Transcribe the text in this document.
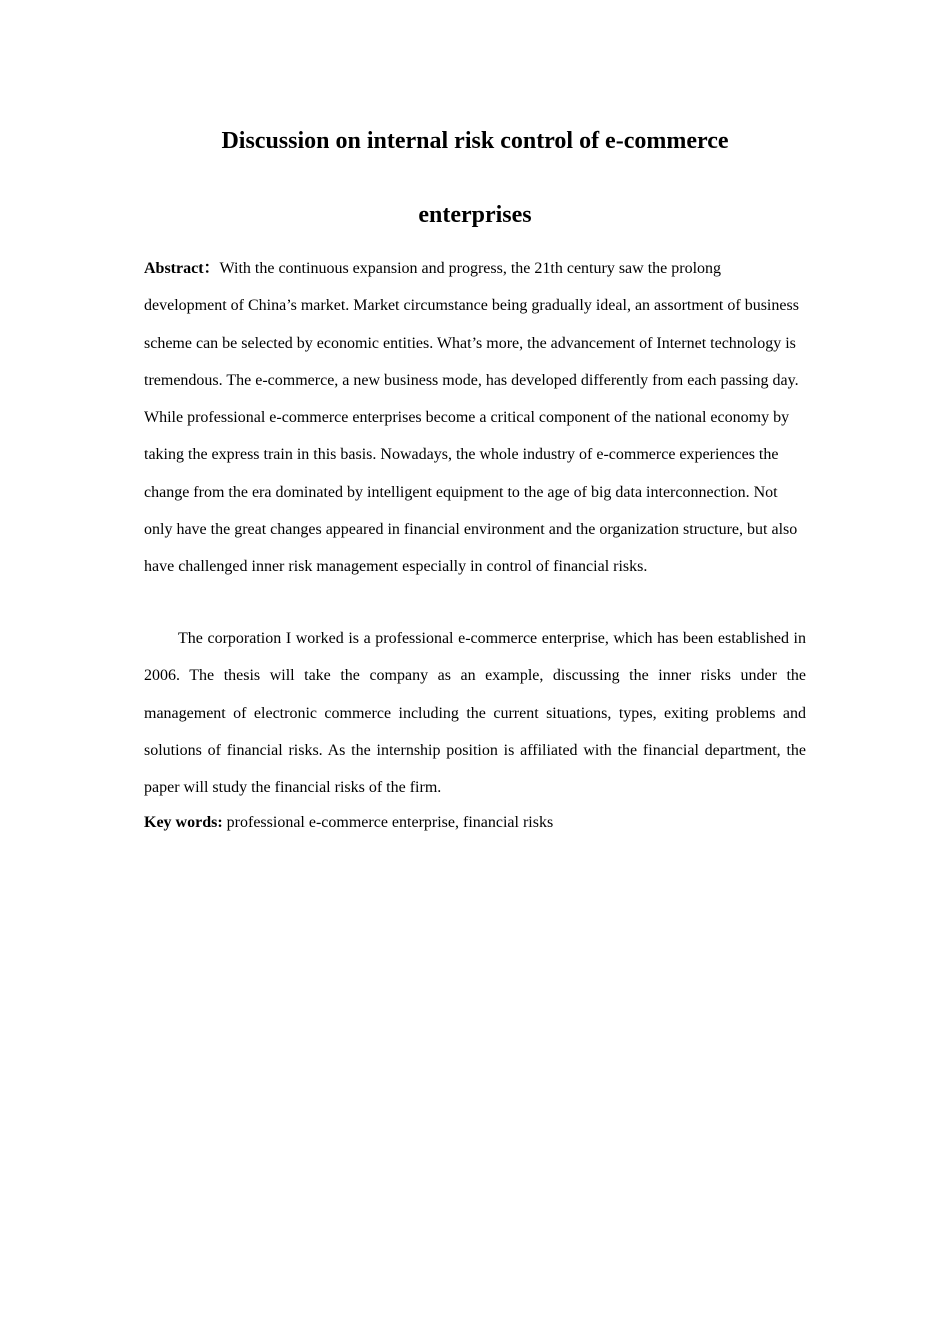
Discussion on internal risk control of e-commerce
enterprises

Abstract：With the continuous expansion and progress, the 21th century saw the prolong development of China’s market. Market circumstance being gradually ideal, an assortment of business scheme can be selected by economic entities. What’s more, the advancement of Internet technology is tremendous. The e-commerce, a new business mode, has developed differently from each passing day. While professional e-commerce enterprises become a critical component of the national economy by taking the express train in this basis. Nowadays, the whole industry of e-commerce experiences the change from the era dominated by intelligent equipment to the age of big data interconnection. Not only have the great changes appeared in financial environment and the organization structure, but also have challenged inner risk management especially in control of financial risks.

The corporation I worked is a professional e-commerce enterprise, which has been established in 2006. The thesis will take the company as an example, discussing the inner risks under the management of electronic commerce including the current situations, types, exiting problems and solutions of financial risks. As the internship position is affiliated with the financial department, the paper will study the financial risks of the firm.

Key words: professional e-commerce enterprise, financial risks
